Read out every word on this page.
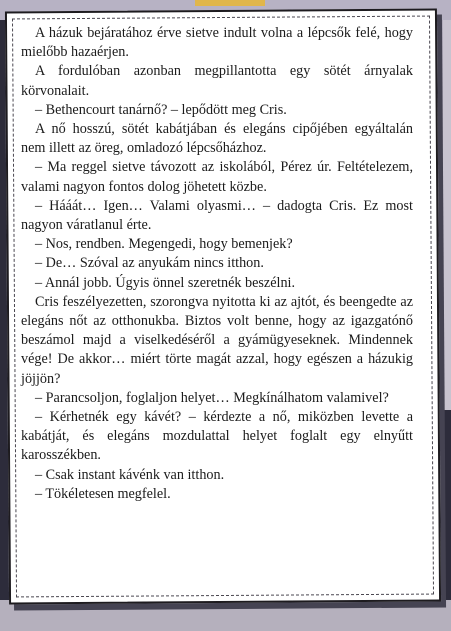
A házuk bejáratához érve sietve indult volna a lépcsők felé, hogy mielőbb hazaérjen.

A fordulóban azonban megpillantotta egy sötét árnyalak körvonalait.

– Bethencourt tanárnő? – lepődött meg Cris.

A nő hosszú, sötét kabátjában és elegáns cipőjében egyáltalán nem illett az öreg, omladozó lépcsőházhoz.

– Ma reggel sietve távozott az iskolából, Pérez úr. Feltételezem, valami nagyon fontos dolog jöhetett közbe.

– Hááát… Igen… Valami olyasmi… – dadogta Cris. Ez most nagyon váratlanul érte.

– Nos, rendben. Megengedi, hogy bemenjek?

– De… Szóval az anyukám nincs itthon.

– Annál jobb. Úgyis önnel szeretnék beszélni.

Cris feszélyezetten, szorongva nyitotta ki az ajtót, és beengedte az elegáns nőt az otthonukba. Biztos volt benne, hogy az igazgatónő beszámol majd a viselkedéséről a gyámügyeseknek. Mindennek vége! De akkor… miért törte magát azzal, hogy egészen a házukig jöjjön?

– Parancsoljon, foglaljon helyet… Megkínálhatom valamivel?

– Kérhetnék egy kávét? – kérdezte a nő, miközben levette a kabátját, és elegáns mozdulattal helyet foglalt egy elnyűtt karosszékben.

– Csak instant kávénk van itthon.

– Tökéletesen megfelel.
